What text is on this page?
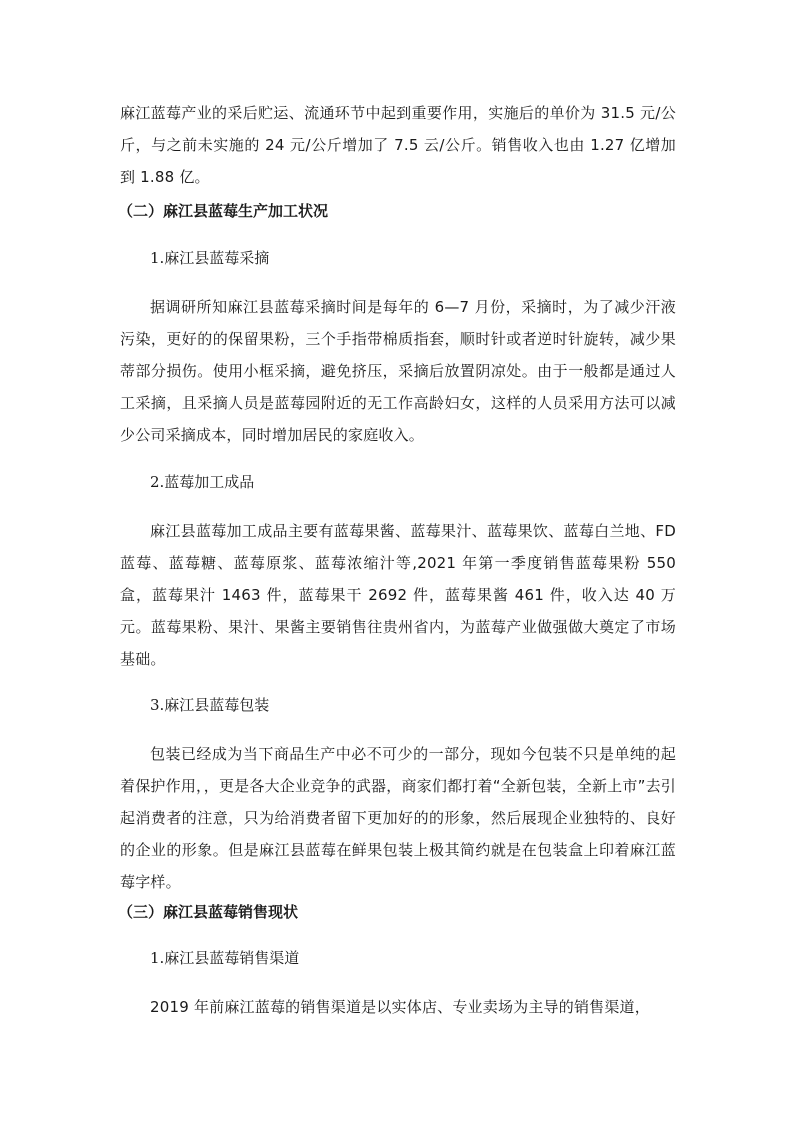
麻江蓝莓产业的采后贮运、流通环节中起到重要作用，实施后的单价为 31.5 元/公斤，与之前未实施的 24 元/公斤增加了 7.5 云/公斤。销售收入也由 1.27 亿增加到 1.88 亿。

（二）麻江县蓝莓生产加工状况
1.麻江县蓝莓采摘

据调研所知麻江县蓝莓采摘时间是每年的 6—7 月份，采摘时，为了减少汗液污染，更好的的保留果粉，三个手指带棉质指套，顺时针或者逆时针旋转，减少果蒂部分损伤。使用小框采摘，避免挤压，采摘后放置阴凉处。由于一般都是通过人工采摘，且采摘人员是蓝莓园附近的无工作高龄妇女，这样的人员采用方法可以减少公司采摘成本，同时增加居民的家庭收入。

2.蓝莓加工成品

麻江县蓝莓加工成品主要有蓝莓果酱、蓝莓果汁、蓝莓果饮、蓝莓白兰地、FD 蓝莓、蓝莓糖、蓝莓原浆、蓝莓浓缩汁等,2021 年第一季度销售蓝莓果粉 550 盒，蓝莓果汁 1463 件，蓝莓果干 2692 件，蓝莓果酱 461 件，收入达 40 万元。蓝莓果粉、果汁、果酱主要销售往贵州省内，为蓝莓产业做强做大奠定了市场基础。

3.麻江县蓝莓包装

包装已经成为当下商品生产中必不可少的一部分，现如今包装不只是单纯的起着保护作用，，更是各大企业竞争的武器，商家们都打着“全新包装，全新上市”去引起消费者的注意，只为给消费者留下更加好的的形象，然后展现企业独特的、良好的企业的形象。但是麻江县蓝莓在鲜果包装上极其简约就是在包装盒上印着麻江蓝莓字样。

（三）麻江县蓝莓销售现状
1.麻江县蓝莓销售渠道

2019 年前麻江蓝莓的销售渠道是以实体店、专业卖场为主导的销售渠道，
